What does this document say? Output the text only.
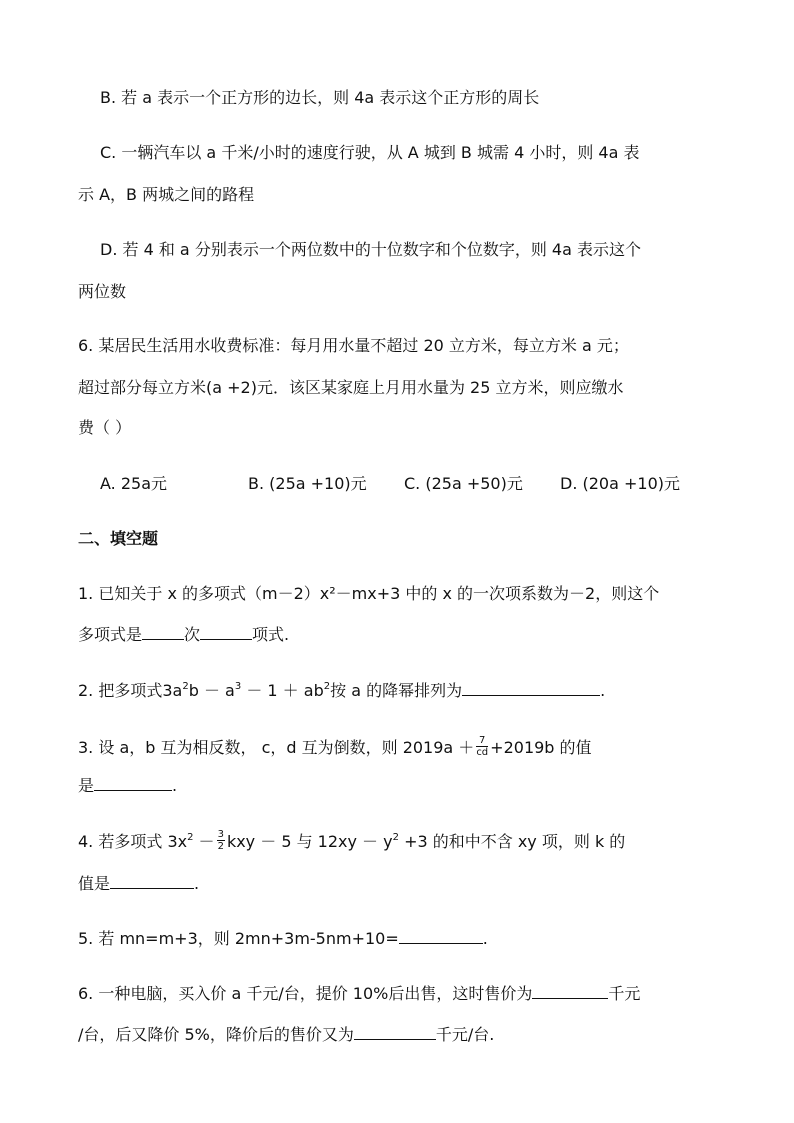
B. 若 a 表示一个正方形的边长，则 4a 表示这个正方形的周长
C. 一辆汽车以 a 千米/小时的速度行驶，从 A 城到 B 城需 4 小时，则 4a 表
示 A，B 两城之间的路程
D. 若 4 和 a 分别表示一个两位数中的十位数字和个位数字，则 4a 表示这个
两位数
6. 某居民生活用水收费标准：每月用水量不超过 20 立方米，每立方米 a 元；
超过部分每立方米(a +2)元．该区某家庭上月用水量为 25 立方米，则应缴水
费（ ）
A. 25a元	B. (25a +10)元 C. (25a +50)元 D. (20a +10)元
二、填空题
1. 已知关于 x 的多项式（m－2）x²－mx+3 中的 x 的一次项系数为－2，则这个
多项式是	次	项式.
2. 把多项式$3a^2b - a^3 - 1 + ab^2$按 a 的降幂排列为	.
3. 设 a，b 互为相反数， c，d 互为倒数，则 $2019a + \frac{7}{cd} +2019b$ 的值
是	.
4. 若多项式 $3x^2 - \frac{3}{2}$ kxy － 5 与 $12xy - y^2 +3$ 的和中不含 xy 项，则 k 的
值是	.
5. 若 mn=m+3，则 2mn+3m-5nm+10=	.
6. 一种电脑，买入价 a 千元/台，提价 10%后出售，这时售价为	千元
/台，后又降价 5%，降价后的售价又为	千元/台.
